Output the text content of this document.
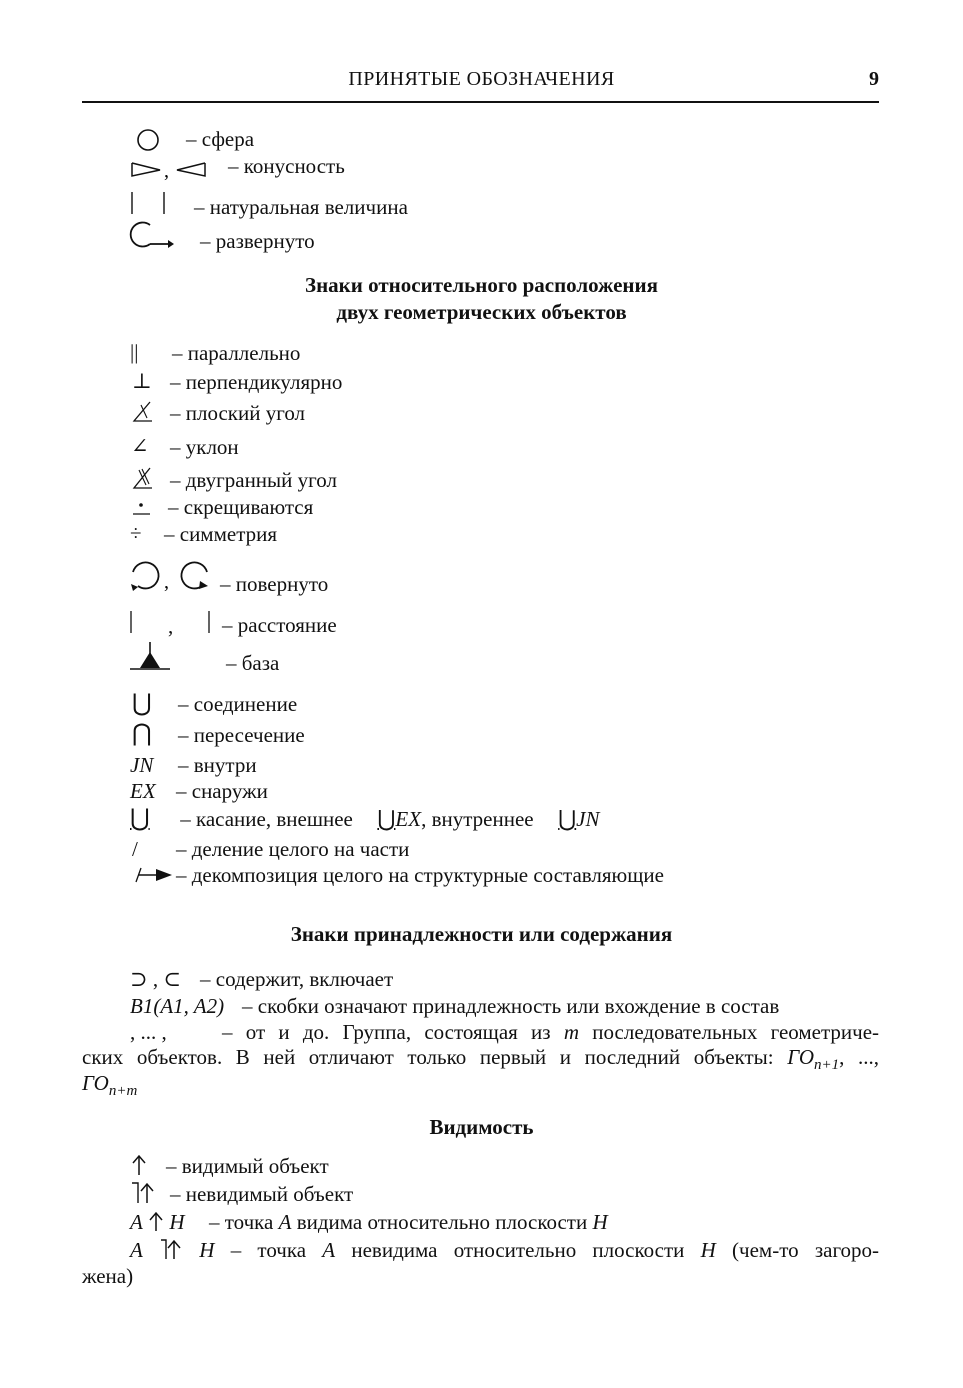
ПРИНЯТЫЕ ОБОЗНАЧЕНИЯ	9
– сфера
,	– конусность
– натуральная величина
– развернуто
Знаки относительного расположения
двух геометрических объектов
|| – параллельно
⊥ – перпендикулярно
– плоский угол
∠ – уклон
– двугранный угол
– скрещиваются
÷ – симметрия
, – повернуто
, – расстояние
– база
⋃ – соединение
⋂ – пересечение
JN – внутри
EX – снаружи
⋃ – касание, внешнее ⋃EX, внутреннее ⋃JN
/ – деление целого на части
– декомпозиция целого на структурные составляющие
Знаки принадлежности или содержания
⊃ , ⊂ – содержит, включает
B1(A1, A2) – скобки означают принадлежность или вхождение в состав
, ... ,	– от и до. Группа, состоящая из m последовательных геометриче-
ских объектов. В ней отличают только первый и последний объекты: $ГО_{n+1}$, ...,
$ГО_{n+m}$
Видимость
– видимый объект
– невидимый объект
A H – точка A видима относительно плоскости H
A	H – точка A невидима относительно плоскости H (чем-то загоро-
жена)
